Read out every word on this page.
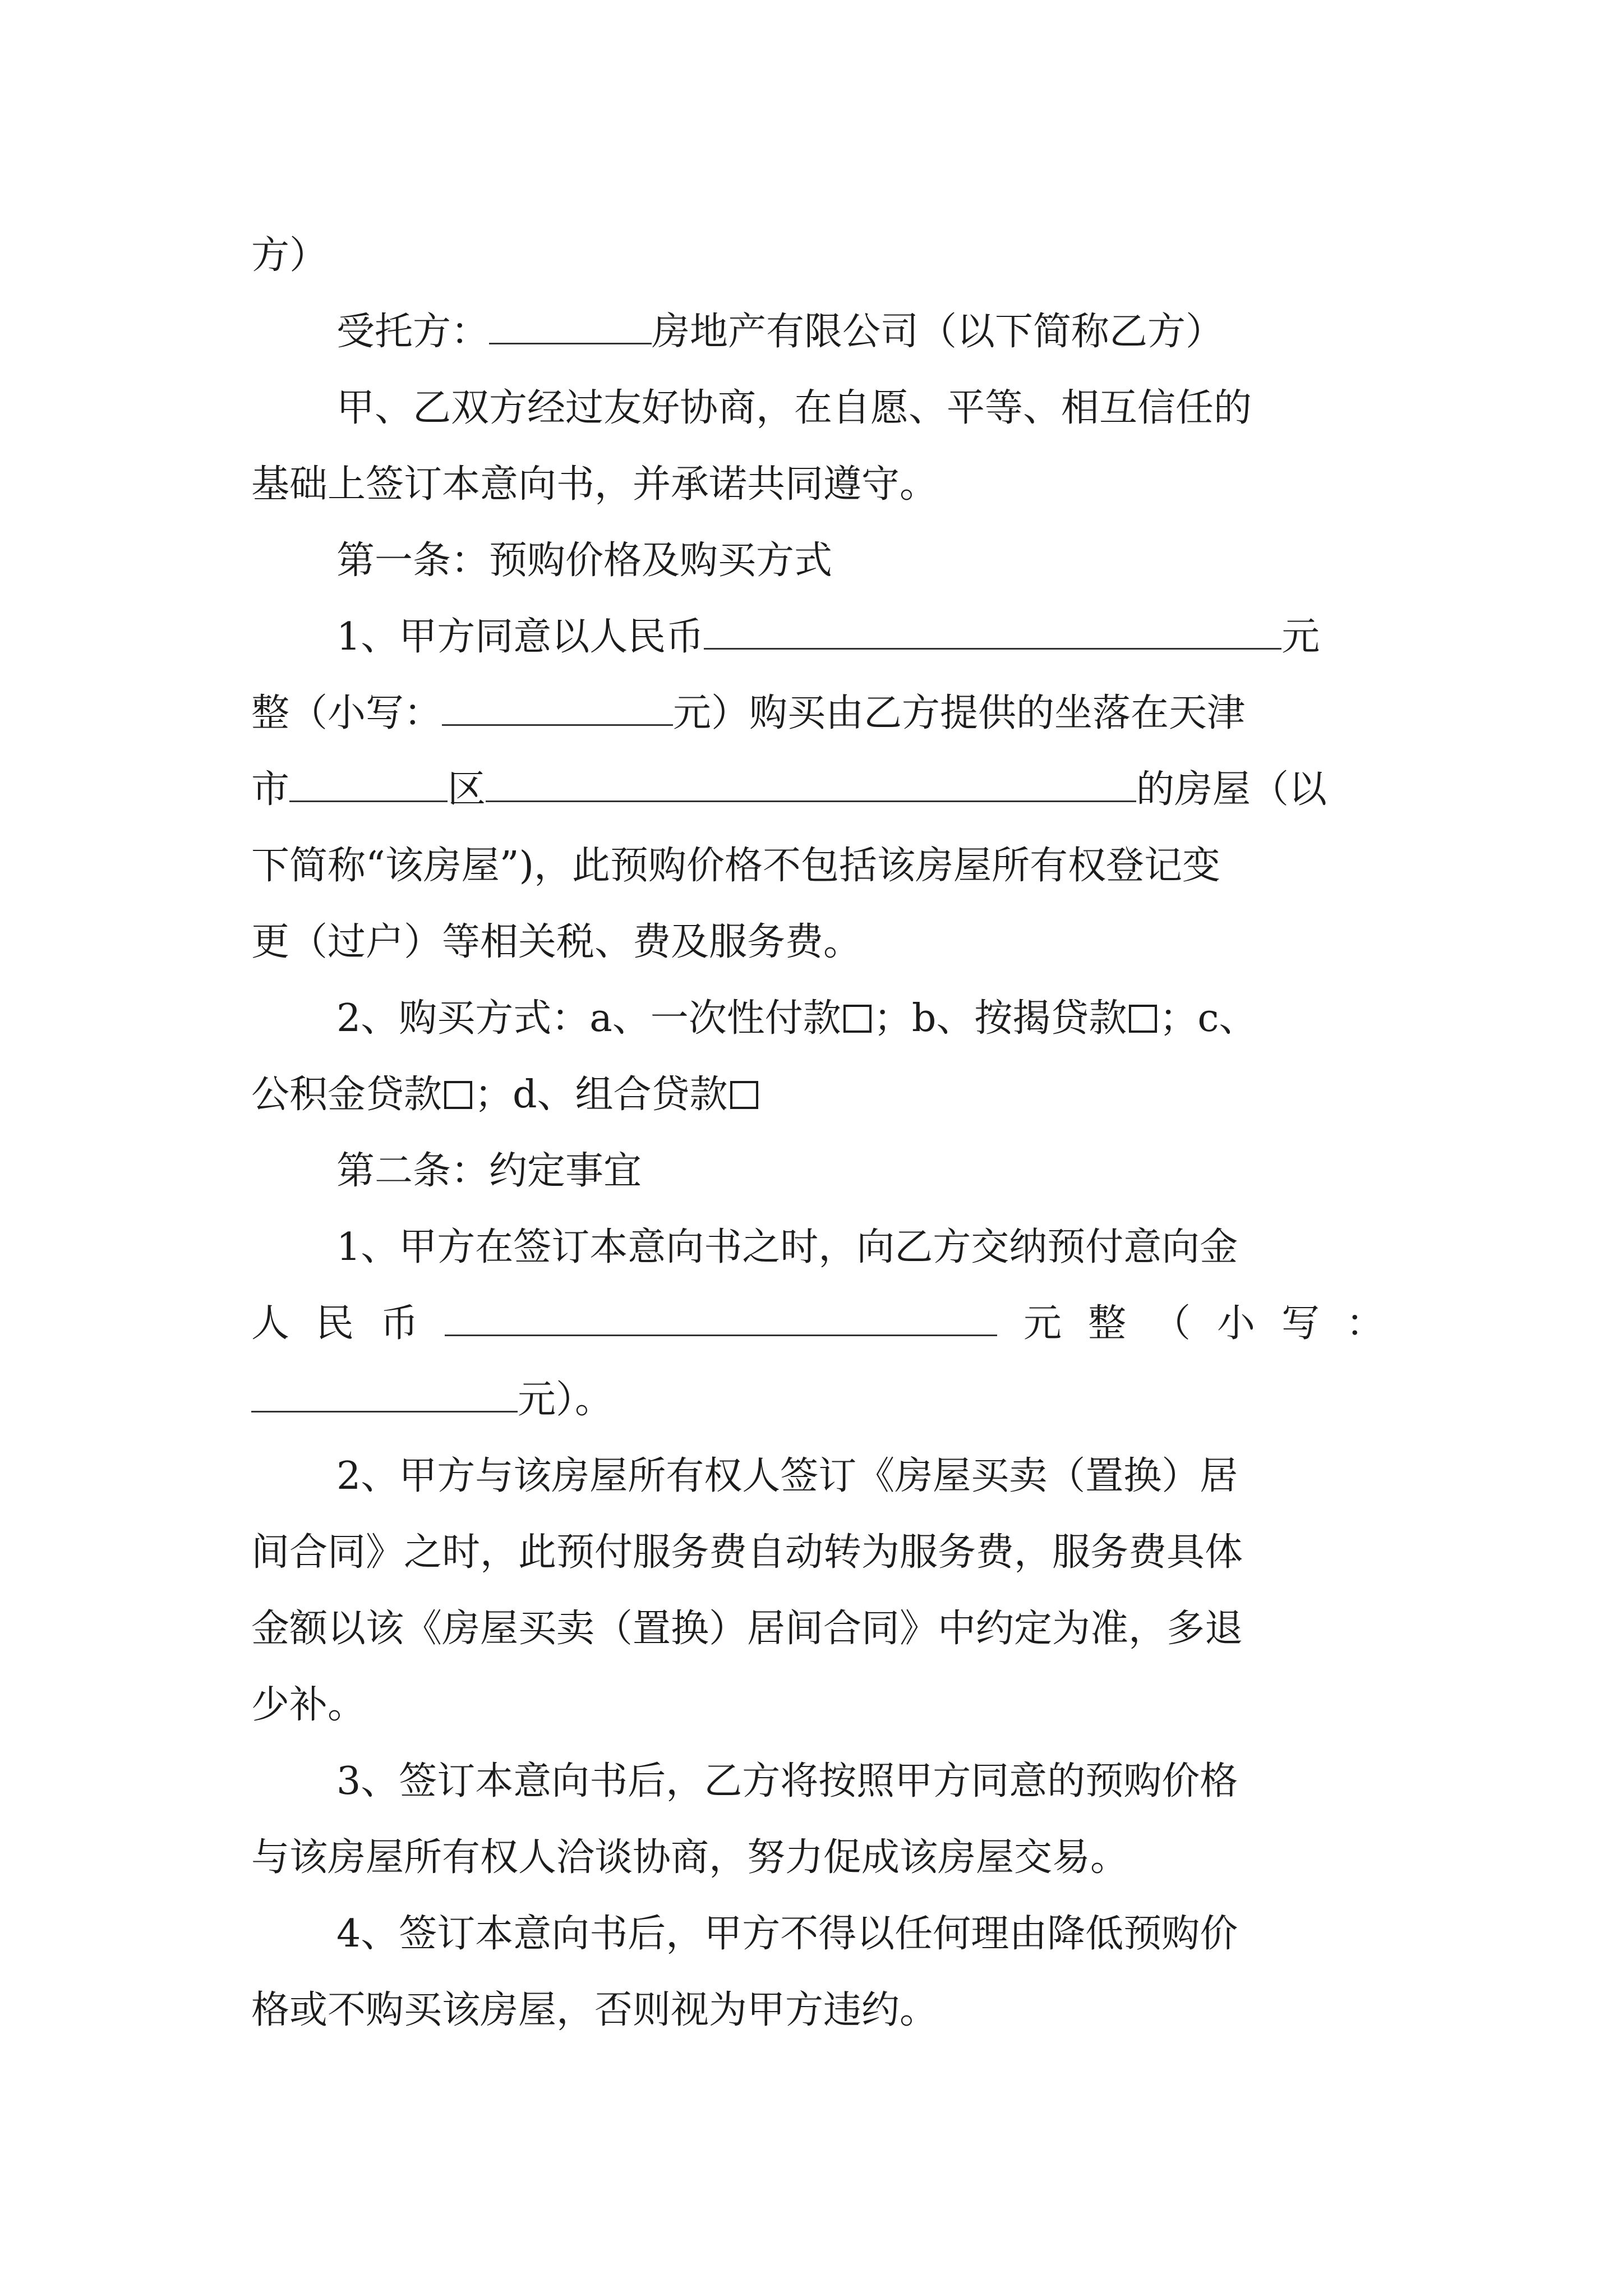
方）
受托方：	房地产有限公司（以下简称乙方）
甲、乙双方经过友好协商，在自愿、平等、相互信任的
基础上签订本意向书，并承诺共同遵守。
第一条：预购价格及购买方式
1、甲方同意以人民币	元
整（小写：	元）购买由乙方提供的坐落在天津
市	区	的房屋（以
下简称“该房屋”)，此预购价格不包括该房屋所有权登记变
更（过户）等相关税、费及服务费。
2、购买方式：a、一次性付款 ；b、按揭贷款 ；c、
公积金贷款 ；d、组合贷款
第二条：约定事宜
1、甲方在签订本意向书之时，向乙方交纳预付意向金
人 民 币	元 整 （ 小 写 ：
元）。
2、甲方与该房屋所有权人签订《房屋买卖（置换）居
间合同》之时，此预付服务费自动转为服务费，服务费具体
金额以该《房屋买卖（置换）居间合同》中约定为准，多退
少补。
3、签订本意向书后，乙方将按照甲方同意的预购价格
与该房屋所有权人洽谈协商，努力促成该房屋交易。
4、签订本意向书后，甲方不得以任何理由降低预购价
格或不购买该房屋，否则视为甲方违约。
